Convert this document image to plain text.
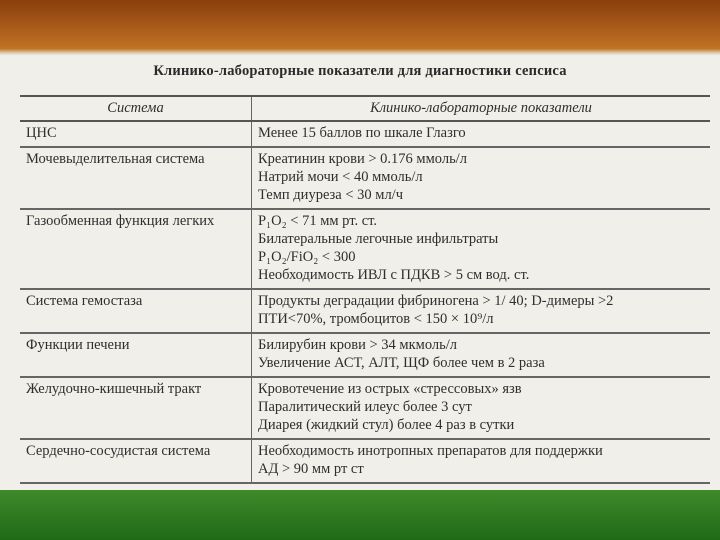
Клинико-лабораторные показатели для диагностики сепсиса
Система	Клинико-лабораторные показатели
ЦНС	Менее 15 баллов по шкале Глазго

Мочевыделительная система	Креатинин крови > 0.176 ммоль/л
Натрий мочи < 40 ммоль/л
Темп диуреза < 30 мл/ч

Газообменная функция легких	P₁O₂ < 71 мм рт. ст.
Билатеральные легочные инфильтраты
P₁O₂/FiO₂ < 300
Необходимость ИВЛ с ПДКВ > 5 см вод. ст.

Система гемостаза	Продукты деградации фибриногена > 1/ 40; D-димеры >2
ПТИ<70%, тромбоцитов < 150 × 10⁹/л

Функции печени	Билирубин крови > 34 мкмоль/л
Увеличение АСТ, АЛТ, ЩФ более чем в 2 раза

Желудочно-кишечный тракт	Кровотечение из острых «стрессовых» язв
Паралитический илеус более 3 сут
Диарея (жидкий стул) более 4 раз в сутки

Сердечно-сосудистая система	Необходимость инотропных препаратов для поддержки
АД > 90 мм рт ст
